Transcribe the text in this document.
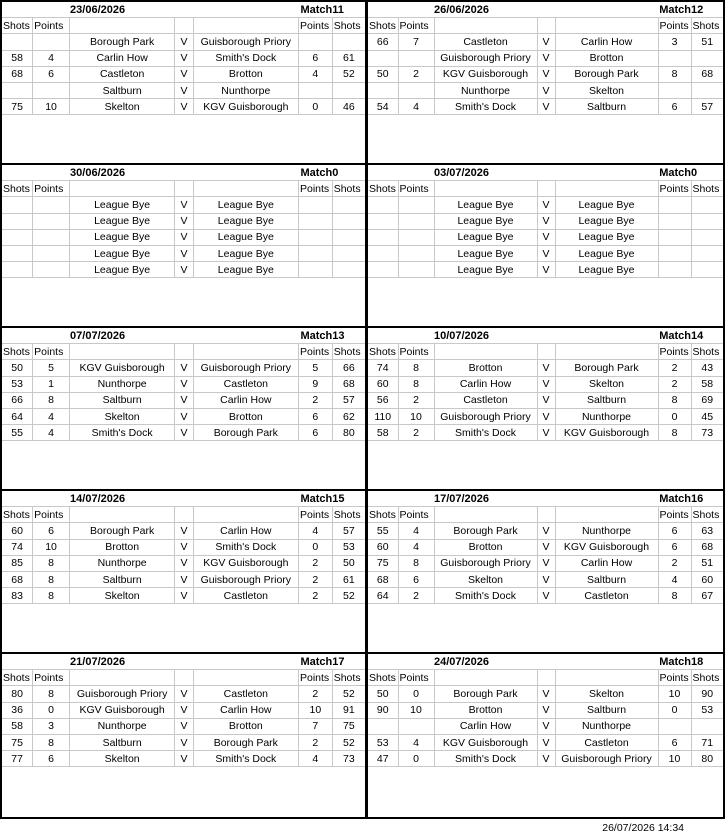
23/06/2026				Match		11
Shots	Points				Points	Shots
		Borough Park	V	Guisborough Priory		
58	4	Carlin How	V	Smith's Dock	6	61
68	6	Castleton	V	Brotton	4	52
		Saltburn	V	Nunthorpe		
75	10	Skelton	V	KGV Guisborough	0	46
26/06/2026				Match		12
Shots	Points				Points	Shots
66	7	Castleton	V	Carlin How	3	51
		Guisborough Priory	V	Brotton		
50	2	KGV Guisborough	V	Borough Park	8	68
		Nunthorpe	V	Skelton		
54	4	Smith's Dock	V	Saltburn	6	57
30/06/2026				Match		0
Shots	Points				Points	Shots
		League Bye	V	League Bye		
		League Bye	V	League Bye		
		League Bye	V	League Bye		
		League Bye	V	League Bye		
		League Bye	V	League Bye		
03/07/2026				Match		0
Shots	Points				Points	Shots
		League Bye	V	League Bye		
		League Bye	V	League Bye		
		League Bye	V	League Bye		
		League Bye	V	League Bye		
		League Bye	V	League Bye		
07/07/2026				Match		13
Shots	Points				Points	Shots
50	5	KGV Guisborough	V	Guisborough Priory	5	66
53	1	Nunthorpe	V	Castleton	9	68
66	8	Saltburn	V	Carlin How	2	57
64	4	Skelton	V	Brotton	6	62
55	4	Smith's Dock	V	Borough Park	6	80
10/07/2026				Match		14
Shots	Points				Points	Shots
74	8	Brotton	V	Borough Park	2	43
60	8	Carlin How	V	Skelton	2	58
56	2	Castleton	V	Saltburn	8	69
110	10	Guisborough Priory	V	Nunthorpe	0	45
58	2	Smith's Dock	V	KGV Guisborough	8	73
14/07/2026				Match		15
Shots	Points				Points	Shots
60	6	Borough Park	V	Carlin How	4	57
74	10	Brotton	V	Smith's Dock	0	53
85	8	Nunthorpe	V	KGV Guisborough	2	50
68	8	Saltburn	V	Guisborough Priory	2	61
83	8	Skelton	V	Castleton	2	52
17/07/2026				Match		16
Shots	Points				Points	Shots
55	4	Borough Park	V	Nunthorpe	6	63
60	4	Brotton	V	KGV Guisborough	6	68
75	8	Guisborough Priory	V	Carlin How	2	51
68	6	Skelton	V	Saltburn	4	60
64	2	Smith's Dock	V	Castleton	8	67
21/07/2026				Match		17
Shots	Points				Points	Shots
80	8	Guisborough Priory	V	Castleton	2	52
36	0	KGV Guisborough	V	Carlin How	10	91
58	3	Nunthorpe	V	Brotton	7	75
75	8	Saltburn	V	Borough Park	2	52
77	6	Skelton	V	Smith's Dock	4	73
24/07/2026				Match		18
Shots	Points				Points	Shots
50	0	Borough Park	V	Skelton	10	90
90	10	Brotton	V	Saltburn	0	53
		Carlin How	V	Nunthorpe		
53	4	KGV Guisborough	V	Castleton	6	71
47	0	Smith's Dock	V	Guisborough Priory	10	80
26/07/2026 14:34
